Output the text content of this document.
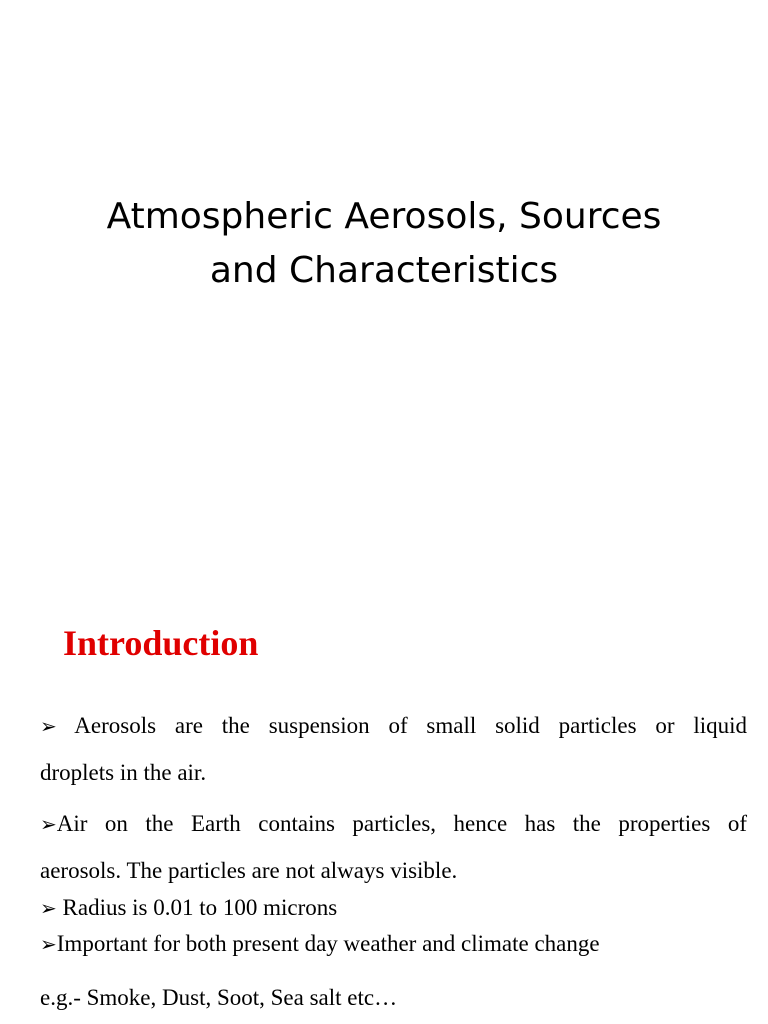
Atmospheric Aerosols, Sources
and Characteristics
Introduction
➢ Aerosols are the suspension of small solid particles or liquid
droplets in the air.
➢Air on the Earth contains particles, hence has the properties of
aerosols. The particles are not always visible.
➢ Radius is 0.01 to 100 microns
➢Important for both present day weather and climate change
e.g.- Smoke, Dust, Soot, Sea salt etc…
